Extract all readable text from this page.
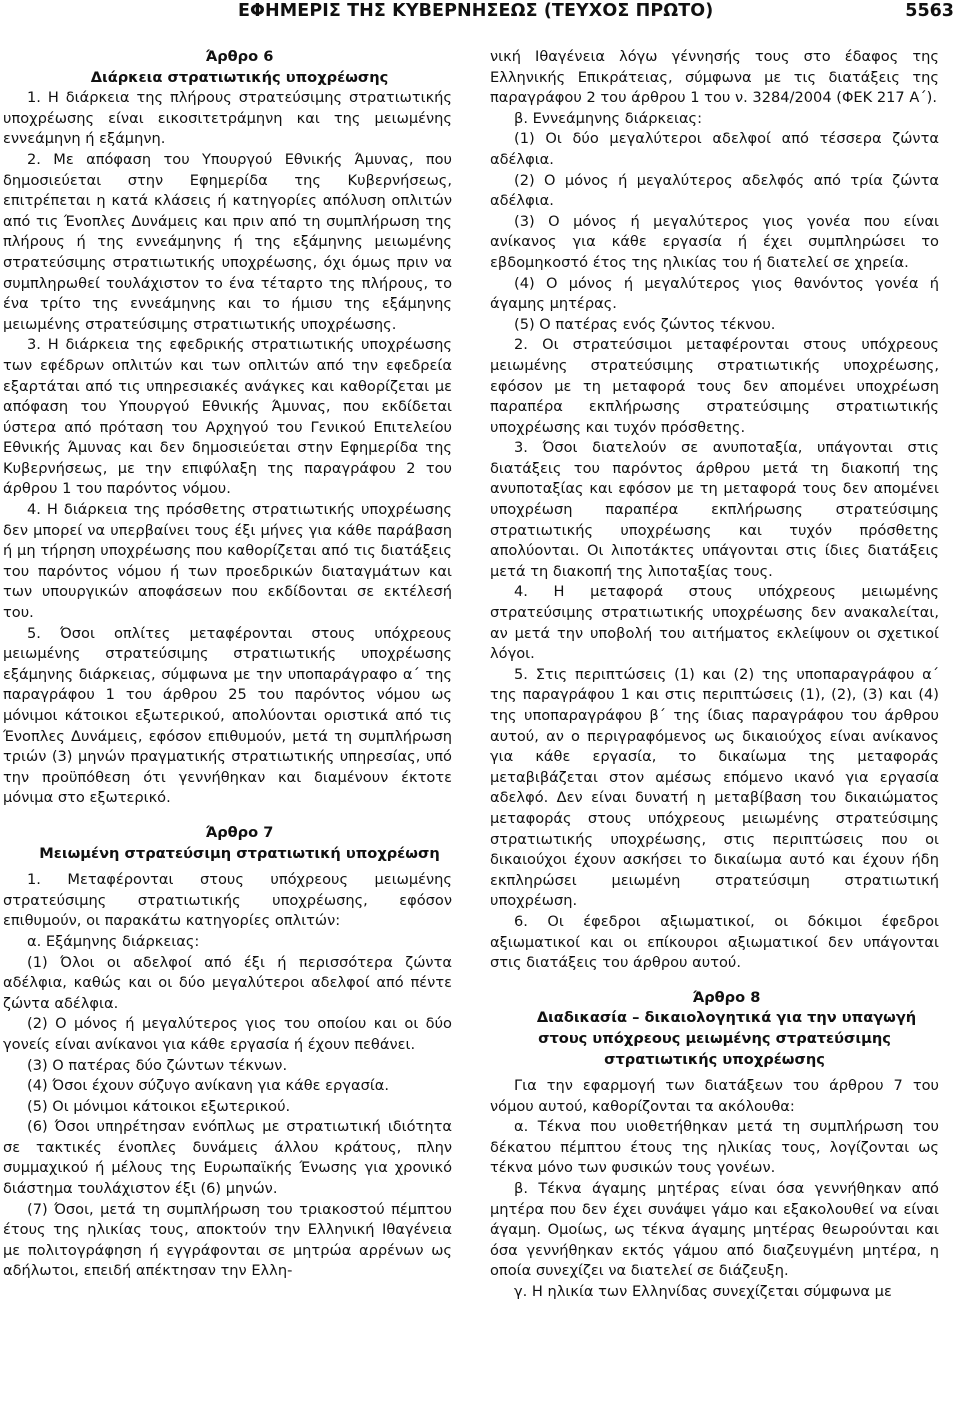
ΕΦΗΜΕΡΙΣ ΤΗΣ ΚΥΒΕΡΝΗΣΕΩΣ (ΤΕΥΧΟΣ ΠΡΩΤΟ)	5563

Άρθρο 6

Διάρκεια στρατιωτικής υποχρέωσης

1. Η διάρκεια της πλήρους στρατεύσιμης στρατιωτικής υποχρέωσης είναι εικοσιτετράμηνη και της μειωμένης εννεάμηνη ή εξάμηνη.

2. Με απόφαση του Υπουργού Εθνικής Άμυνας, που δημοσιεύεται στην Εφημερίδα της Κυβερνήσεως, επιτρέπεται η κατά κλάσεις ή κατηγορίες απόλυση οπλιτών από τις Ένοπλες Δυνάμεις και πριν από τη συμπλήρωση της πλήρους ή της εννεάμηνης ή της εξάμηνης μειωμένης στρατεύσιμης στρατιωτικής υποχρέωσης, όχι όμως πριν να συμπληρωθεί τουλάχιστον το ένα τέταρτο της πλήρους, το ένα τρίτο της εννεάμηνης και το ήμισυ της εξάμηνης μειωμένης στρατεύσιμης στρατιωτικής υποχρέωσης.

3. Η διάρκεια της εφεδρικής στρατιωτικής υποχρέωσης των εφέδρων οπλιτών και των οπλιτών από την εφεδρεία εξαρτάται από τις υπηρεσιακές ανάγκες και καθορίζεται με απόφαση του Υπουργού Εθνικής Άμυνας, που εκδίδεται ύστερα από πρόταση του Αρχηγού του Γενικού Επιτελείου Εθνικής Άμυνας και δεν δημοσιεύεται στην Εφημερίδα της Κυβερνήσεως, με την επιφύλαξη της παραγράφου 2 του άρθρου 1 του παρόντος νόμου.

4. Η διάρκεια της πρόσθετης στρατιωτικής υποχρέωσης δεν μπορεί να υπερβαίνει τους έξι μήνες για κάθε παράβαση ή μη τήρηση υποχρέωσης που καθορίζεται από τις διατάξεις του παρόντος νόμου ή των προεδρικών διαταγμάτων και των υπουργικών αποφάσεων που εκδίδονται σε εκτέλεσή του.

5. Όσοι οπλίτες μεταφέρονται στους υπόχρεους μειωμένης στρατεύσιμης στρατιωτικής υποχρέωσης εξάμηνης διάρκειας, σύμφωνα με την υποπαράγραφο α΄ της παραγράφου 1 του άρθρου 25 του παρόντος νόμου ως μόνιμοι κάτοικοι εξωτερικού, απολύονται οριστικά από τις Ένοπλες Δυνάμεις, εφόσον επιθυμούν, μετά τη συμπλήρωση τριών (3) μηνών πραγματικής στρατιωτικής υπηρεσίας, υπό την προϋπόθεση ότι γεννήθηκαν και διαμένουν έκτοτε μόνιμα στο εξωτερικό.

Άρθρο 7

Μειωμένη στρατεύσιμη στρατιωτική υποχρέωση

1. Μεταφέρονται στους υπόχρεους μειωμένης στρατεύσιμης στρατιωτικής υποχρέωσης, εφόσον επιθυμούν, οι παρακάτω κατηγορίες οπλιτών:

α. Εξάμηνης διάρκειας:

(1) Όλοι οι αδελφοί από έξι ή περισσότερα ζώντα αδέλφια, καθώς και οι δύο μεγαλύτεροι αδελφοί από πέντε ζώντα αδέλφια.

(2) Ο μόνος ή μεγαλύτερος γιος του οποίου και οι δύο γονείς είναι ανίκανοι για κάθε εργασία ή έχουν πεθάνει.

(3) Ο πατέρας δύο ζώντων τέκνων.

(4) Όσοι έχουν σύζυγο ανίκανη για κάθε εργασία.

(5) Οι μόνιμοι κάτοικοι εξωτερικού.

(6) Όσοι υπηρέτησαν ενόπλως με στρατιωτική ιδιότητα σε τακτικές ένοπλες δυνάμεις άλλου κράτους, πλην συμμαχικού ή μέλους της Ευρωπαϊκής Ένωσης για χρονικό διάστημα τουλάχιστον έξι (6) μηνών.

(7) Όσοι, μετά τη συμπλήρωση του τριακοστού πέμπτου έτους της ηλικίας τους, αποκτούν την Ελληνική Ιθαγένεια με πολιτογράφηση ή εγγράφονται σε μητρώα αρρένων ως αδήλωτοι, επειδή απέκτησαν την Ελλη-

νική Ιθαγένεια λόγω γέννησής τους στο έδαφος της Ελληνικής Επικράτειας, σύμφωνα με τις διατάξεις της παραγράφου 2 του άρθρου 1 του ν. 3284/2004 (ΦΕΚ 217 Α΄).

β. Εννεάμηνης διάρκειας:

(1) Οι δύο μεγαλύτεροι αδελφοί από τέσσερα ζώντα αδέλφια.

(2) Ο μόνος ή μεγαλύτερος αδελφός από τρία ζώντα αδέλφια.

(3) Ο μόνος ή μεγαλύτερος γιος γονέα που είναι ανίκανος για κάθε εργασία ή έχει συμπληρώσει το εβδομηκοστό έτος της ηλικίας του ή διατελεί σε χηρεία.

(4) Ο μόνος ή μεγαλύτερος γιος θανόντος γονέα ή άγαμης μητέρας.

(5) Ο πατέρας ενός ζώντος τέκνου.

2. Οι στρατεύσιμοι μεταφέρονται στους υπόχρεους μειωμένης στρατεύσιμης στρατιωτικής υποχρέωσης, εφόσον με τη μεταφορά τους δεν απομένει υποχρέωση παραπέρα εκπλήρωσης στρατεύσιμης στρατιωτικής υποχρέωσης και τυχόν πρόσθετης.

3. Όσοι διατελούν σε ανυποταξία, υπάγονται στις διατάξεις του παρόντος άρθρου μετά τη διακοπή της ανυποταξίας και εφόσον με τη μεταφορά τους δεν απομένει υποχρέωση παραπέρα εκπλήρωσης στρατεύσιμης στρατιωτικής υποχρέωσης και τυχόν πρόσθετης απολύονται. Οι λιποτάκτες υπάγονται στις ίδιες διατάξεις μετά τη διακοπή της λιποταξίας τους.

4. Η μεταφορά στους υπόχρεους μειωμένης στρατεύσιμης στρατιωτικής υποχρέωσης δεν ανακαλείται, αν μετά την υποβολή του αιτήματος εκλείψουν οι σχετικοί λόγοι.

5. Στις περιπτώσεις (1) και (2) της υποπαραγράφου α΄ της παραγράφου 1 και στις περιπτώσεις (1), (2), (3) και (4) της υποπαραγράφου β΄ της ίδιας παραγράφου του άρθρου αυτού, αν ο περιγραφόμενος ως δικαιούχος είναι ανίκανος για κάθε εργασία, το δικαίωμα της μεταφοράς μεταβιβάζεται στον αμέσως επόμενο ικανό για εργασία αδελφό. Δεν είναι δυνατή η μεταβίβαση του δικαιώματος μεταφοράς στους υπόχρεους μειωμένης στρατεύσιμης στρατιωτικής υποχρέωσης, στις περιπτώσεις που οι δικαιούχοι έχουν ασκήσει το δικαίωμα αυτό και έχουν ήδη εκπληρώσει μειωμένη στρατεύσιμη στρατιωτική υποχρέωση.

6. Οι έφεδροι αξιωματικοί, οι δόκιμοι έφεδροι αξιωματικοί και οι επίκουροι αξιωματικοί δεν υπάγονται στις διατάξεις του άρθρου αυτού.

Άρθρο 8

Διαδικασία – δικαιολογητικά για την υπαγωγή στους υπόχρεους μειωμένης στρατεύσιμης στρατιωτικής υποχρέωσης

Για την εφαρμογή των διατάξεων του άρθρου 7 του νόμου αυτού, καθορίζονται τα ακόλουθα:

α. Τέκνα που υιοθετήθηκαν μετά τη συμπλήρωση του δέκατου πέμπτου έτους της ηλικίας τους, λογίζονται ως τέκνα μόνο των φυσικών τους γονέων.

β. Τέκνα άγαμης μητέρας είναι όσα γεννήθηκαν από μητέρα που δεν έχει συνάψει γάμο και εξακολουθεί να είναι άγαμη. Ομοίως, ως τέκνα άγαμης μητέρας θεωρούνται και όσα γεννήθηκαν εκτός γάμου από διαζευγμένη μητέρα, η οποία συνεχίζει να διατελεί σε διάζευξη.

γ. Η ηλικία των Ελληνίδας συνεχίζεται σύμφωνα με
